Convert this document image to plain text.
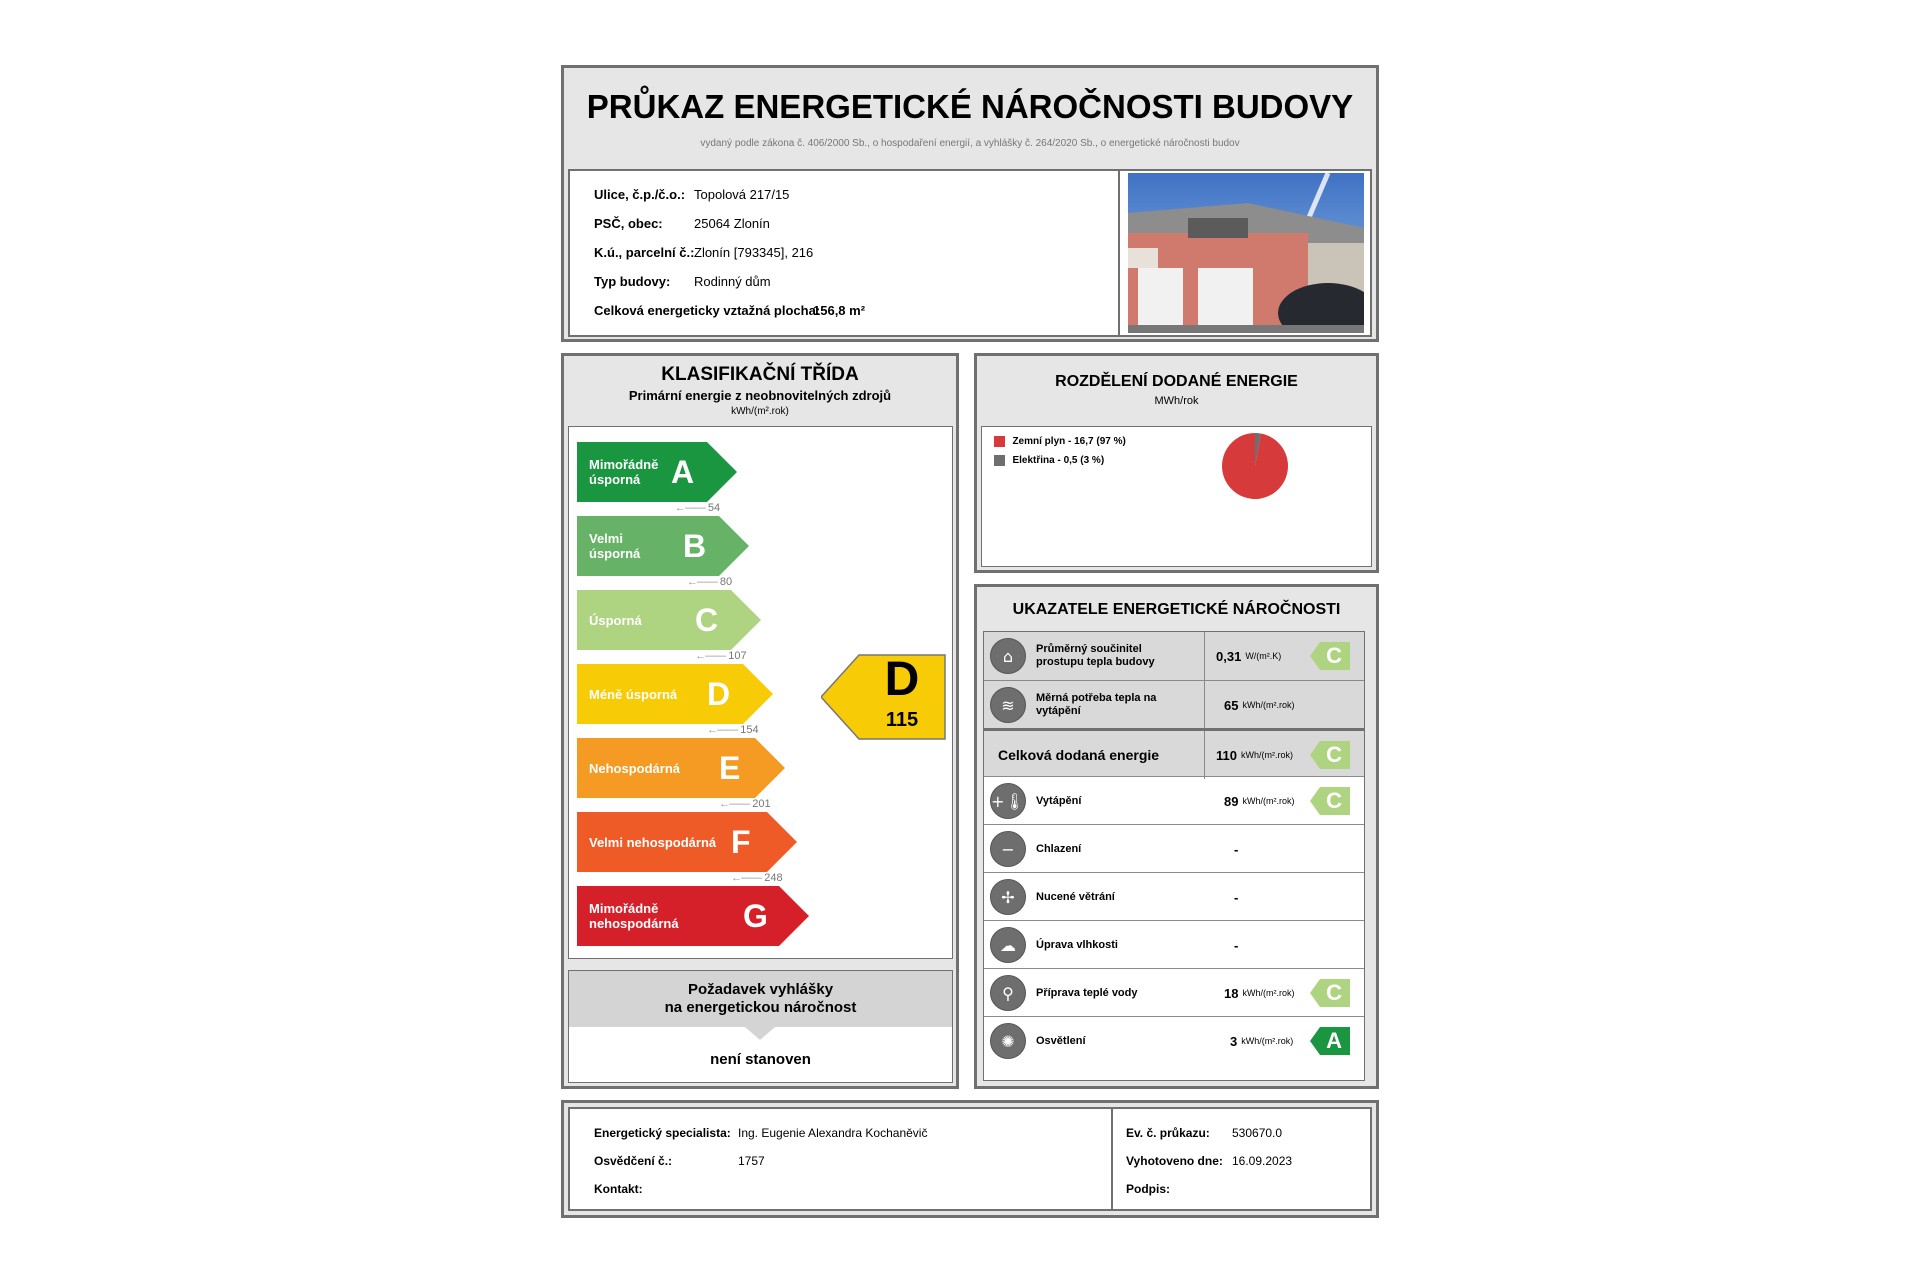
PRŮKAZ ENERGETICKÉ NÁROČNOSTI BUDOVY
vydaný podle zákona č. 406/2000 Sb., o hospodaření energií, a vyhlášky č. 264/2020 Sb., o energetické náročnosti budov
Ulice, č.p./č.o.: Topolová 217/15
PSČ, obec: 25064 Zlonín
K.ú., parcelní č.: Zlonín [793345], 216
Typ budovy: Rodinný dům
Celková energeticky vztažná plocha:
156,8 m²
KLASIFIKAČNÍ TŘÍDA
Primární energie z neobnovitelných zdrojů
kWh/(m².rok)
Mimořádně úsporná A
←—— 54
Velmi úsporná	B
←—— 80
Úsporná	C
←—— 107
Méně úsporná D
←—— 154
Nehospodárná	E
←—— 201
Velmi nehospodárná F
←—— 248
Mimořádně nehospodárná	G
D
115
Požadavek vyhlášky
na energetickou náročnost
není stanoven
ROZDĚLENÍ DODANÉ ENERGIE
MWh/rok
Zemní plyn - 16,7 (97 %)
Elektřina - 0,5 (3 %)
UKAZATELE ENERGETICKÉ NÁROČNOSTI
⌂	Průměrný součinitel prostupu tepla budovy	0,31 W/(m².K) C
≋	Měrná potřeba tepla na vytápění	65 kWh/(m².rok)
Celková dodaná energie	110 kWh/(m².rok) C
+🌡 Vytápění	89 kWh/(m².rok) C
−	Chlazení	-
✢	Nucené větrání	-
☁	Úprava vlhkosti	-
⚲	Příprava teplé vody	18 kWh/(m².rok) C
✺	Osvětlení	3 kWh/(m².rok) A
Energetický specialista: Ing. Eugenie Alexandra Kochaněvič
Osvědčení č.:	1757
Kontakt:
Ev. č. průkazu: 530670.0
Vyhotoveno dne: 16.09.2023
Podpis:
